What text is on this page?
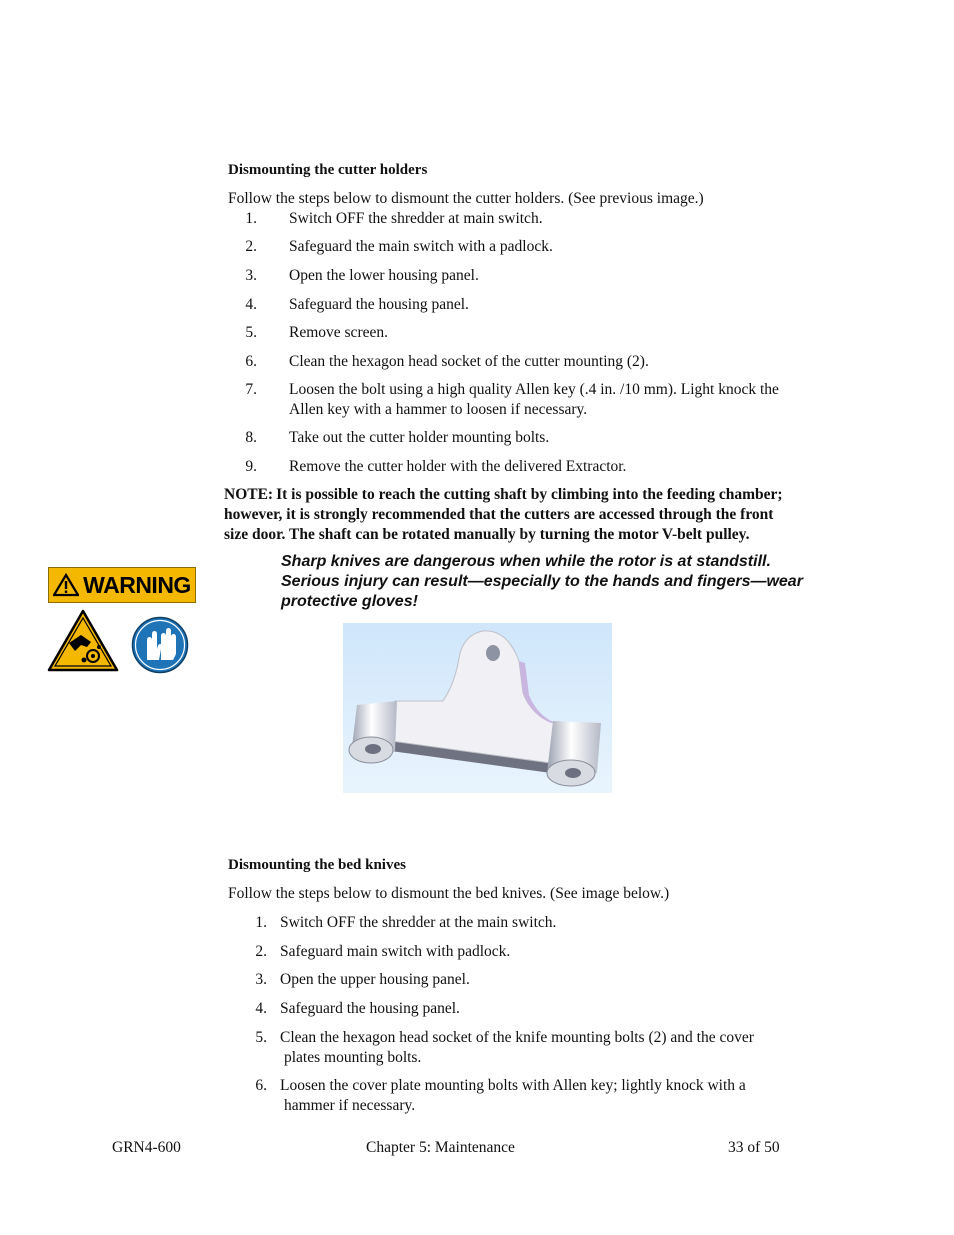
Dismounting the cutter holders
Follow the steps below to dismount the cutter holders. (See previous image.)
1. Switch OFF the shredder at main switch.
2. Safeguard the main switch with a padlock.
3. Open the lower housing panel.
4. Safeguard the housing panel.
5. Remove screen.
6. Clean the hexagon head socket of the cutter mounting (2).
7. Loosen the bolt using a high quality Allen key (.4 in. /10 mm). Light knock the
Allen key with a hammer to loosen if necessary.
8. Take out the cutter holder mounting bolts.
9. Remove the cutter holder with the delivered Extractor.
NOTE: It is possible to reach the cutting shaft by climbing into the feeding chamber;
however, it is strongly recommended that the cutters are accessed through the front
size door. The shaft can be rotated manually by turning the motor V-belt pulley.
WARNING
Sharp knives are dangerous when while the rotor is at standstill.
Serious injury can result—especially to the hands and fingers—wear
protective gloves!
Dismounting the bed knives
Follow the steps below to dismount the bed knives. (See image below.)
1. Switch OFF the shredder at the main switch.
2. Safeguard main switch with padlock.
3. Open the upper housing panel.
4. Safeguard the housing panel.
5. Clean the hexagon head socket of the knife mounting bolts (2) and the cover
plates mounting bolts.
6. Loosen the cover plate mounting bolts with Allen key; lightly knock with a
hammer if necessary.
GRN4-600	Chapter 5: Maintenance	33 of 50
